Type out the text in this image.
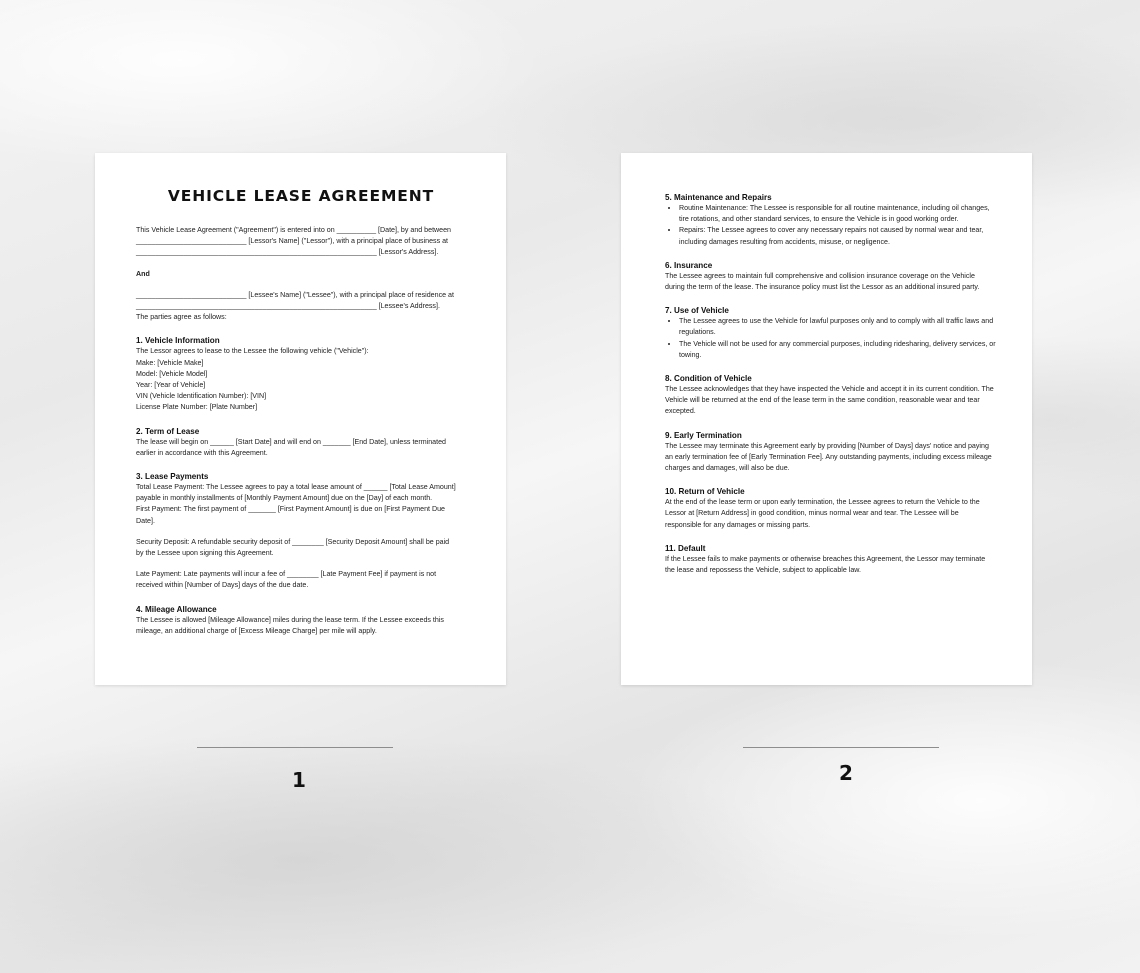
VEHICLE LEASE AGREEMENT

This Vehicle Lease Agreement ("Agreement") is entered into on __________ [Date], by and between

____________________________ [Lessor's Name] ("Lessor"), with a principal place of business at

_____________________________________________________________ [Lessor's Address].

And

____________________________ [Lessee's Name] ("Lessee"), with a principal place of residence at

_____________________________________________________________ [Lessee's Address].

The parties agree as follows:

1. Vehicle Information

The Lessor agrees to lease to the Lessee the following vehicle ("Vehicle"):

Make: [Vehicle Make]

Model: [Vehicle Model]

Year: [Year of Vehicle]

VIN (Vehicle Identification Number): [VIN]

License Plate Number: [Plate Number]

2. Term of Lease

The lease will begin on ______ [Start Date] and will end on _______ [End Date], unless terminated

earlier in accordance with this Agreement.

3. Lease Payments

Total Lease Payment: The Lessee agrees to pay a total lease amount of ______ [Total Lease Amount]

payable in monthly installments of [Monthly Payment Amount] due on the [Day] of each month.

First Payment: The first payment of _______ [First Payment Amount] is due on [First Payment Due

Date].

Security Deposit: A refundable security deposit of ________ [Security Deposit Amount] shall be paid

by the Lessee upon signing this Agreement.

Late Payment: Late payments will incur a fee of ________ [Late Payment Fee] if payment is not

received within [Number of Days] days of the due date.

4. Mileage Allowance

The Lessee is allowed [Mileage Allowance] miles during the lease term. If the Lessee exceeds this

mileage, an additional charge of [Excess Mileage Charge] per mile will apply.

5. Maintenance and Repairs

• Routine Maintenance: The Lessee is responsible for all routine maintenance, including oil changes, tire rotations, and other standard services, to ensure the Vehicle is in good working order.
• Repairs: The Lessee agrees to cover any necessary repairs not caused by normal wear and tear, including damages resulting from accidents, misuse, or negligence.

6. Insurance

The Lessee agrees to maintain full comprehensive and collision insurance coverage on the Vehicle during the term of the lease. The insurance policy must list the Lessor as an additional insured party.

7. Use of Vehicle

• The Lessee agrees to use the Vehicle for lawful purposes only and to comply with all traffic laws and regulations.
• The Vehicle will not be used for any commercial purposes, including ridesharing, delivery services, or towing.

8. Condition of Vehicle

The Lessee acknowledges that they have inspected the Vehicle and accept it in its current condition. The Vehicle will be returned at the end of the lease term in the same condition, reasonable wear and tear excepted.

9. Early Termination

The Lessee may terminate this Agreement early by providing [Number of Days] days' notice and paying an early termination fee of [Early Termination Fee]. Any outstanding payments, including excess mileage charges and damages, will also be due.

10. Return of Vehicle

At the end of the lease term or upon early termination, the Lessee agrees to return the Vehicle to the Lessor at [Return Address] in good condition, minus normal wear and tear. The Lessee will be responsible for any damages or missing parts.

11. Default

If the Lessee fails to make payments or otherwise breaches this Agreement, the Lessor may terminate the lease and repossess the Vehicle, subject to applicable law.

1	2
